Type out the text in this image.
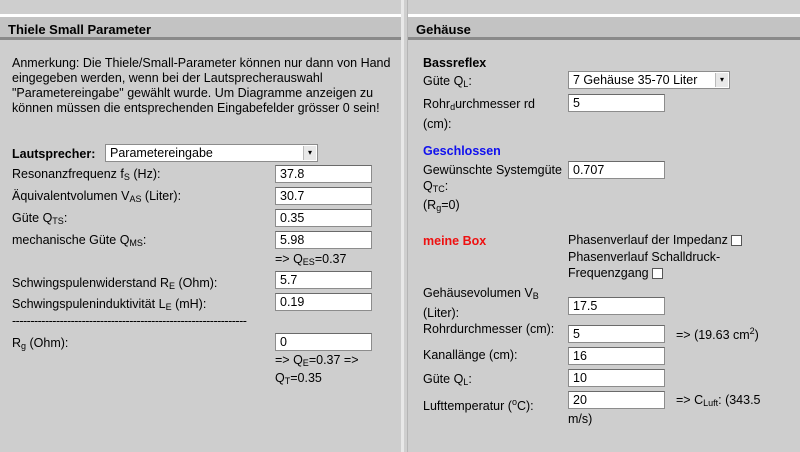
Thiele Small Parameter
Anmerkung: Die Thiele/Small-Parameter können nur dann von Hand eingegeben werden, wenn bei der Lautsprecherauswahl "Parametereingabe" gewählt wurde. Um Diagramme anzeigen zu können müssen die entsprechenden Eingabefelder grösser 0 sein!
Lautsprecher:	Parametereingabe	▾
Resonanzfrequenz $f_S$ (Hz):	37.8
Äquivalentvolumen $V_{AS}$ (Liter):	30.7
Güte $Q_{TS}$:	0.35
mechanische Güte $Q_{MS}$:	5.98
=> $Q_{ES}=0.37$
Schwingspulenwiderstand $R_E$ (Ohm):	5.7
Schwingspuleninduktivität $L_E$ (mH):	0.19
----------------------------------------------------------------
$R_g$ (Ohm):	0
=> $Q_E=0.37$ =>
$Q_T=0.35$
Gehäuse
Bassreflex
Güte $Q_L$:	7 Gehäuse 35-70 Liter	▾
Rohr$_d$urchmesser rd (cm):
5
Geschlossen
Gewünschte Systemgüte $Q_{TC}$:
0.707
$(R_g=0)$
meine Box	Phasenverlauf der Impedanz
Phasenverlauf Schalldruck-Frequenzgang
Gehäusevolumen $V_B$ (Liter):	17.5
Rohrdurchmesser (cm):	5	=> (19.63 $cm^2$)
Kanallänge (cm):	16
Güte $Q_L$:	10
Lufttemperatur ($^o$C):	20	=> $C_{Luft}$: (343.5
m/s)
